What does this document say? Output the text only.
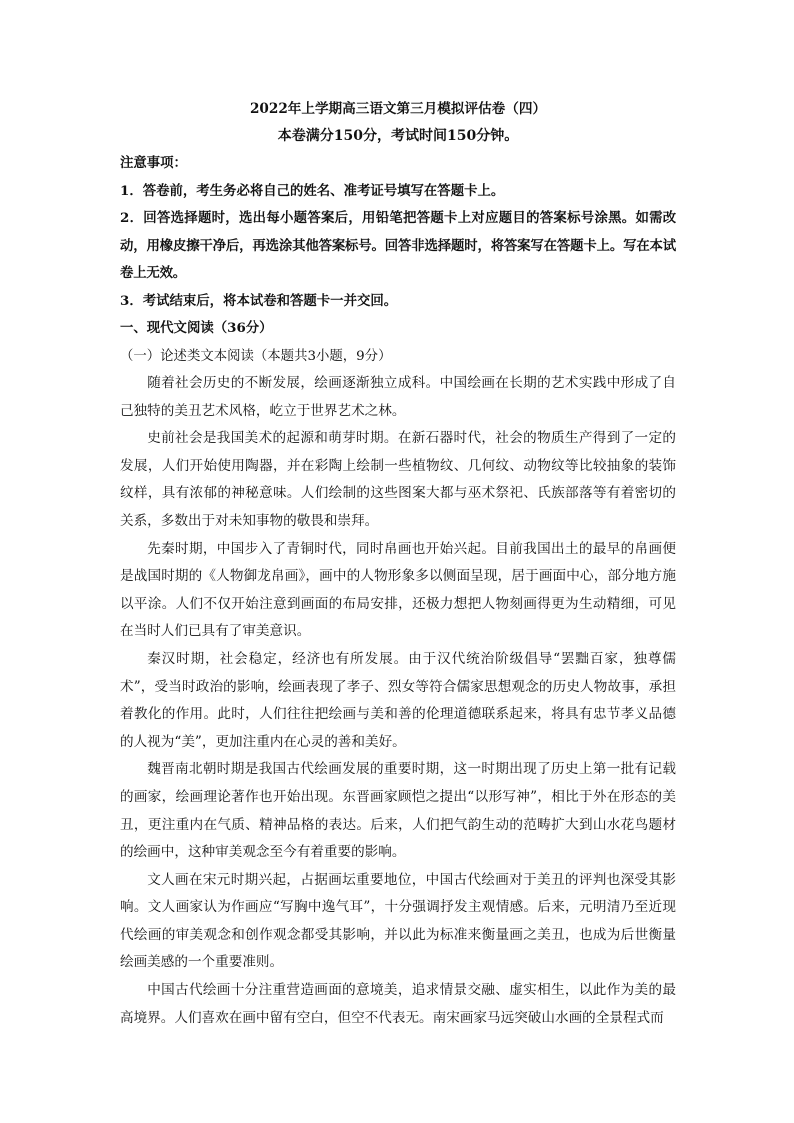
2022年上学期高三语文第三月模拟评估卷（四）
本卷满分150分，考试时间150分钟。
注意事项：
1．答卷前，考生务必将自己的姓名、准考证号填写在答题卡上。
2．回答选择题时，选出每小题答案后，用铅笔把答题卡上对应题目的答案标号涂黑。如需改动，用橡皮擦干净后，再选涂其他答案标号。回答非选择题时，将答案写在答题卡上。写在本试卷上无效。
3．考试结束后，将本试卷和答题卡一并交回。
一、现代文阅读（36分）
（一）论述类文本阅读（本题共3小题，9分）
随着社会历史的不断发展，绘画逐渐独立成科。中国绘画在长期的艺术实践中形成了自己独特的美丑艺术风格，屹立于世界艺术之林。
史前社会是我国美术的起源和萌芽时期。在新石器时代，社会的物质生产得到了一定的发展，人们开始使用陶器，并在彩陶上绘制一些植物纹、几何纹、动物纹等比较抽象的装饰纹样，具有浓郁的神秘意味。人们绘制的这些图案大都与巫术祭祀、氏族部落等有着密切的关系，多数出于对未知事物的敬畏和崇拜。
先秦时期，中国步入了青铜时代，同时帛画也开始兴起。目前我国出土的最早的帛画便是战国时期的《人物御龙帛画》，画中的人物形象多以侧面呈现，居于画面中心，部分地方施以平涂。人们不仅开始注意到画面的布局安排，还极力想把人物刻画得更为生动精细，可见在当时人们已具有了审美意识。
秦汉时期，社会稳定，经济也有所发展。由于汉代统治阶级倡导“罢黜百家，独尊儒术”，受当时政治的影响，绘画表现了孝子、烈女等符合儒家思想观念的历史人物故事，承担着教化的作用。此时，人们往往把绘画与美和善的伦理道德联系起来，将具有忠节孝义品德的人视为“美”，更加注重内在心灵的善和美好。
魏晋南北朝时期是我国古代绘画发展的重要时期，这一时期出现了历史上第一批有记载的画家，绘画理论著作也开始出现。东晋画家顾恺之提出“以形写神”，相比于外在形态的美丑，更注重内在气质、精神品格的表达。后来，人们把气韵生动的范畴扩大到山水花鸟题材的绘画中，这种审美观念至今有着重要的影响。
文人画在宋元时期兴起，占据画坛重要地位，中国古代绘画对于美丑的评判也深受其影响。文人画家认为作画应“写胸中逸气耳”，十分强调抒发主观情感。后来，元明清乃至近现代绘画的审美观念和创作观念都受其影响，并以此为标准来衡量画之美丑，也成为后世衡量绘画美感的一个重要准则。
中国古代绘画十分注重营造画面的意境美，追求情景交融、虚实相生，以此作为美的最高境界。人们喜欢在画中留有空白，但空不代表无。南宋画家马远突破山水画的全景程式而
